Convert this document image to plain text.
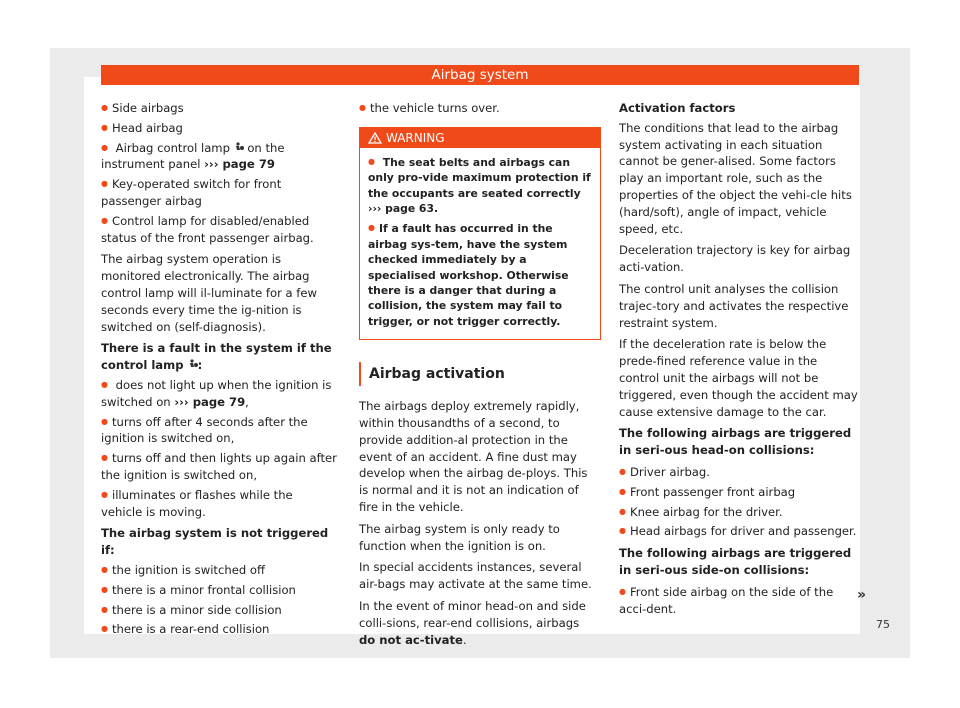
Airbag system

● Side airbags

● Head airbag

● Airbag control lamp on the instrument panel ››› page 79

● Key-operated switch for front passenger airbag

● Control lamp for disabled/enabled status of the front passenger airbag.

The airbag system operation is monitored electronically. The airbag control lamp will il-luminate for a few seconds every time the ig-nition is switched on (self-diagnosis).

There is a fault in the system if the control lamp :

● does not light up when the ignition is switched on ››› page 79,

● turns off after 4 seconds after the ignition is switched on,

● turns off and then lights up again after the ignition is switched on,

● illuminates or flashes while the vehicle is moving.

The airbag system is not triggered if:

● the ignition is switched off

● there is a minor frontal collision

● there is a minor side collision

● there is a rear-end collision

● the vehicle turns over.

WARNING

● The seat belts and airbags can only pro-vide maximum protection if the occupants are seated correctly ››› page 63.

● If a fault has occurred in the airbag sys-tem, have the system checked immediately by a specialised workshop. Otherwise there is a danger that during a collision, the system may fail to trigger, or not trigger correctly.

Airbag activation

The airbags deploy extremely rapidly, within thousandths of a second, to provide addition-al protection in the event of an accident. A fine dust may develop when the airbag de-ploys. This is normal and it is not an indication of fire in the vehicle.

The airbag system is only ready to function when the ignition is on.

In special accidents instances, several air-bags may activate at the same time.

In the event of minor head-on and side colli-sions, rear-end collisions, airbags do not ac-tivate.

Activation factors

The conditions that lead to the airbag system activating in each situation cannot be gener-alised. Some factors play an important role, such as the properties of the object the vehi-cle hits (hard/soft), angle of impact, vehicle speed, etc.

Deceleration trajectory is key for airbag acti-vation.

The control unit analyses the collision trajec-tory and activates the respective restraint system.

If the deceleration rate is below the prede-fined reference value in the control unit the airbags will not be triggered, even though the accident may cause extensive damage to the car.

The following airbags are triggered in seri-ous head-on collisions:

● Driver airbag.

● Front passenger front airbag

● Knee airbag for the driver.

● Head airbags for driver and passenger.

The following airbags are triggered in seri-ous side-on collisions:

● Front side airbag on the side of the acci-dent.

»
75
